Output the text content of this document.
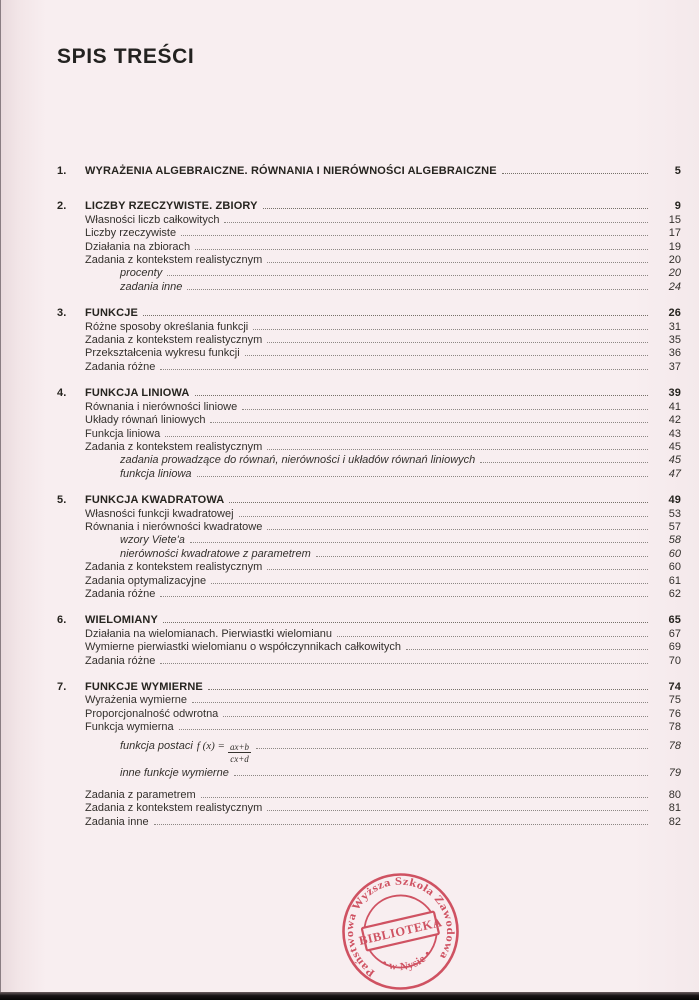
SPIS TREŚCI
1.	WYRAŻENIA ALGEBRAICZNE. RÓWNANIA I NIERÓWNOŚCI ALGEBRAICZNE	5
2.	LICZBY RZECZYWISTE. ZBIORY	9
Własności liczb całkowitych	15
Liczby rzeczywiste	17
Działania na zbiorach	19
Zadania z kontekstem realistycznym	20
procenty	20
zadania inne	24
3.	FUNKCJE	26
Różne sposoby określania funkcji	31
Zadania z kontekstem realistycznym	35
Przekształcenia wykresu funkcji	36
Zadania różne	37
4.	FUNKCJA LINIOWA	39
Równania i nierówności liniowe	41
Układy równań liniowych	42
Funkcja liniowa	43
Zadania z kontekstem realistycznym	45
zadania prowadzące do równań, nierówności i układów równań liniowych	45
funkcja liniowa	47
5.	FUNKCJA KWADRATOWA	49
Własności funkcji kwadratowej	53
Równania i nierówności kwadratowe	57
wzory Viete'a	58
nierówności kwadratowe z parametrem	60
Zadania z kontekstem realistycznym	60
Zadania optymalizacyjne	61
Zadania różne	62
6.	WIELOMIANY	65
Działania na wielomianach. Pierwiastki wielomianu	67
Wymierne pierwiastki wielomianu o współczynnikach całkowitych	69
Zadania różne	70
7.	FUNKCJE WYMIERNE	74
Wyrażenia wymierne	75
Proporcjonalność odwrotna	76
Funkcja wymierna	78
funkcja postaci f $(x) = \frac{ax+b}{cx+d}$	78
inne funkcje wymierne	79
Zadania z parametrem	80
Zadania z kontekstem realistycznym	81
Zadania inne	82
Państwowa Wyższa Szkoła Zawodowa
• w Nysie •
BIBLIOTEKA
